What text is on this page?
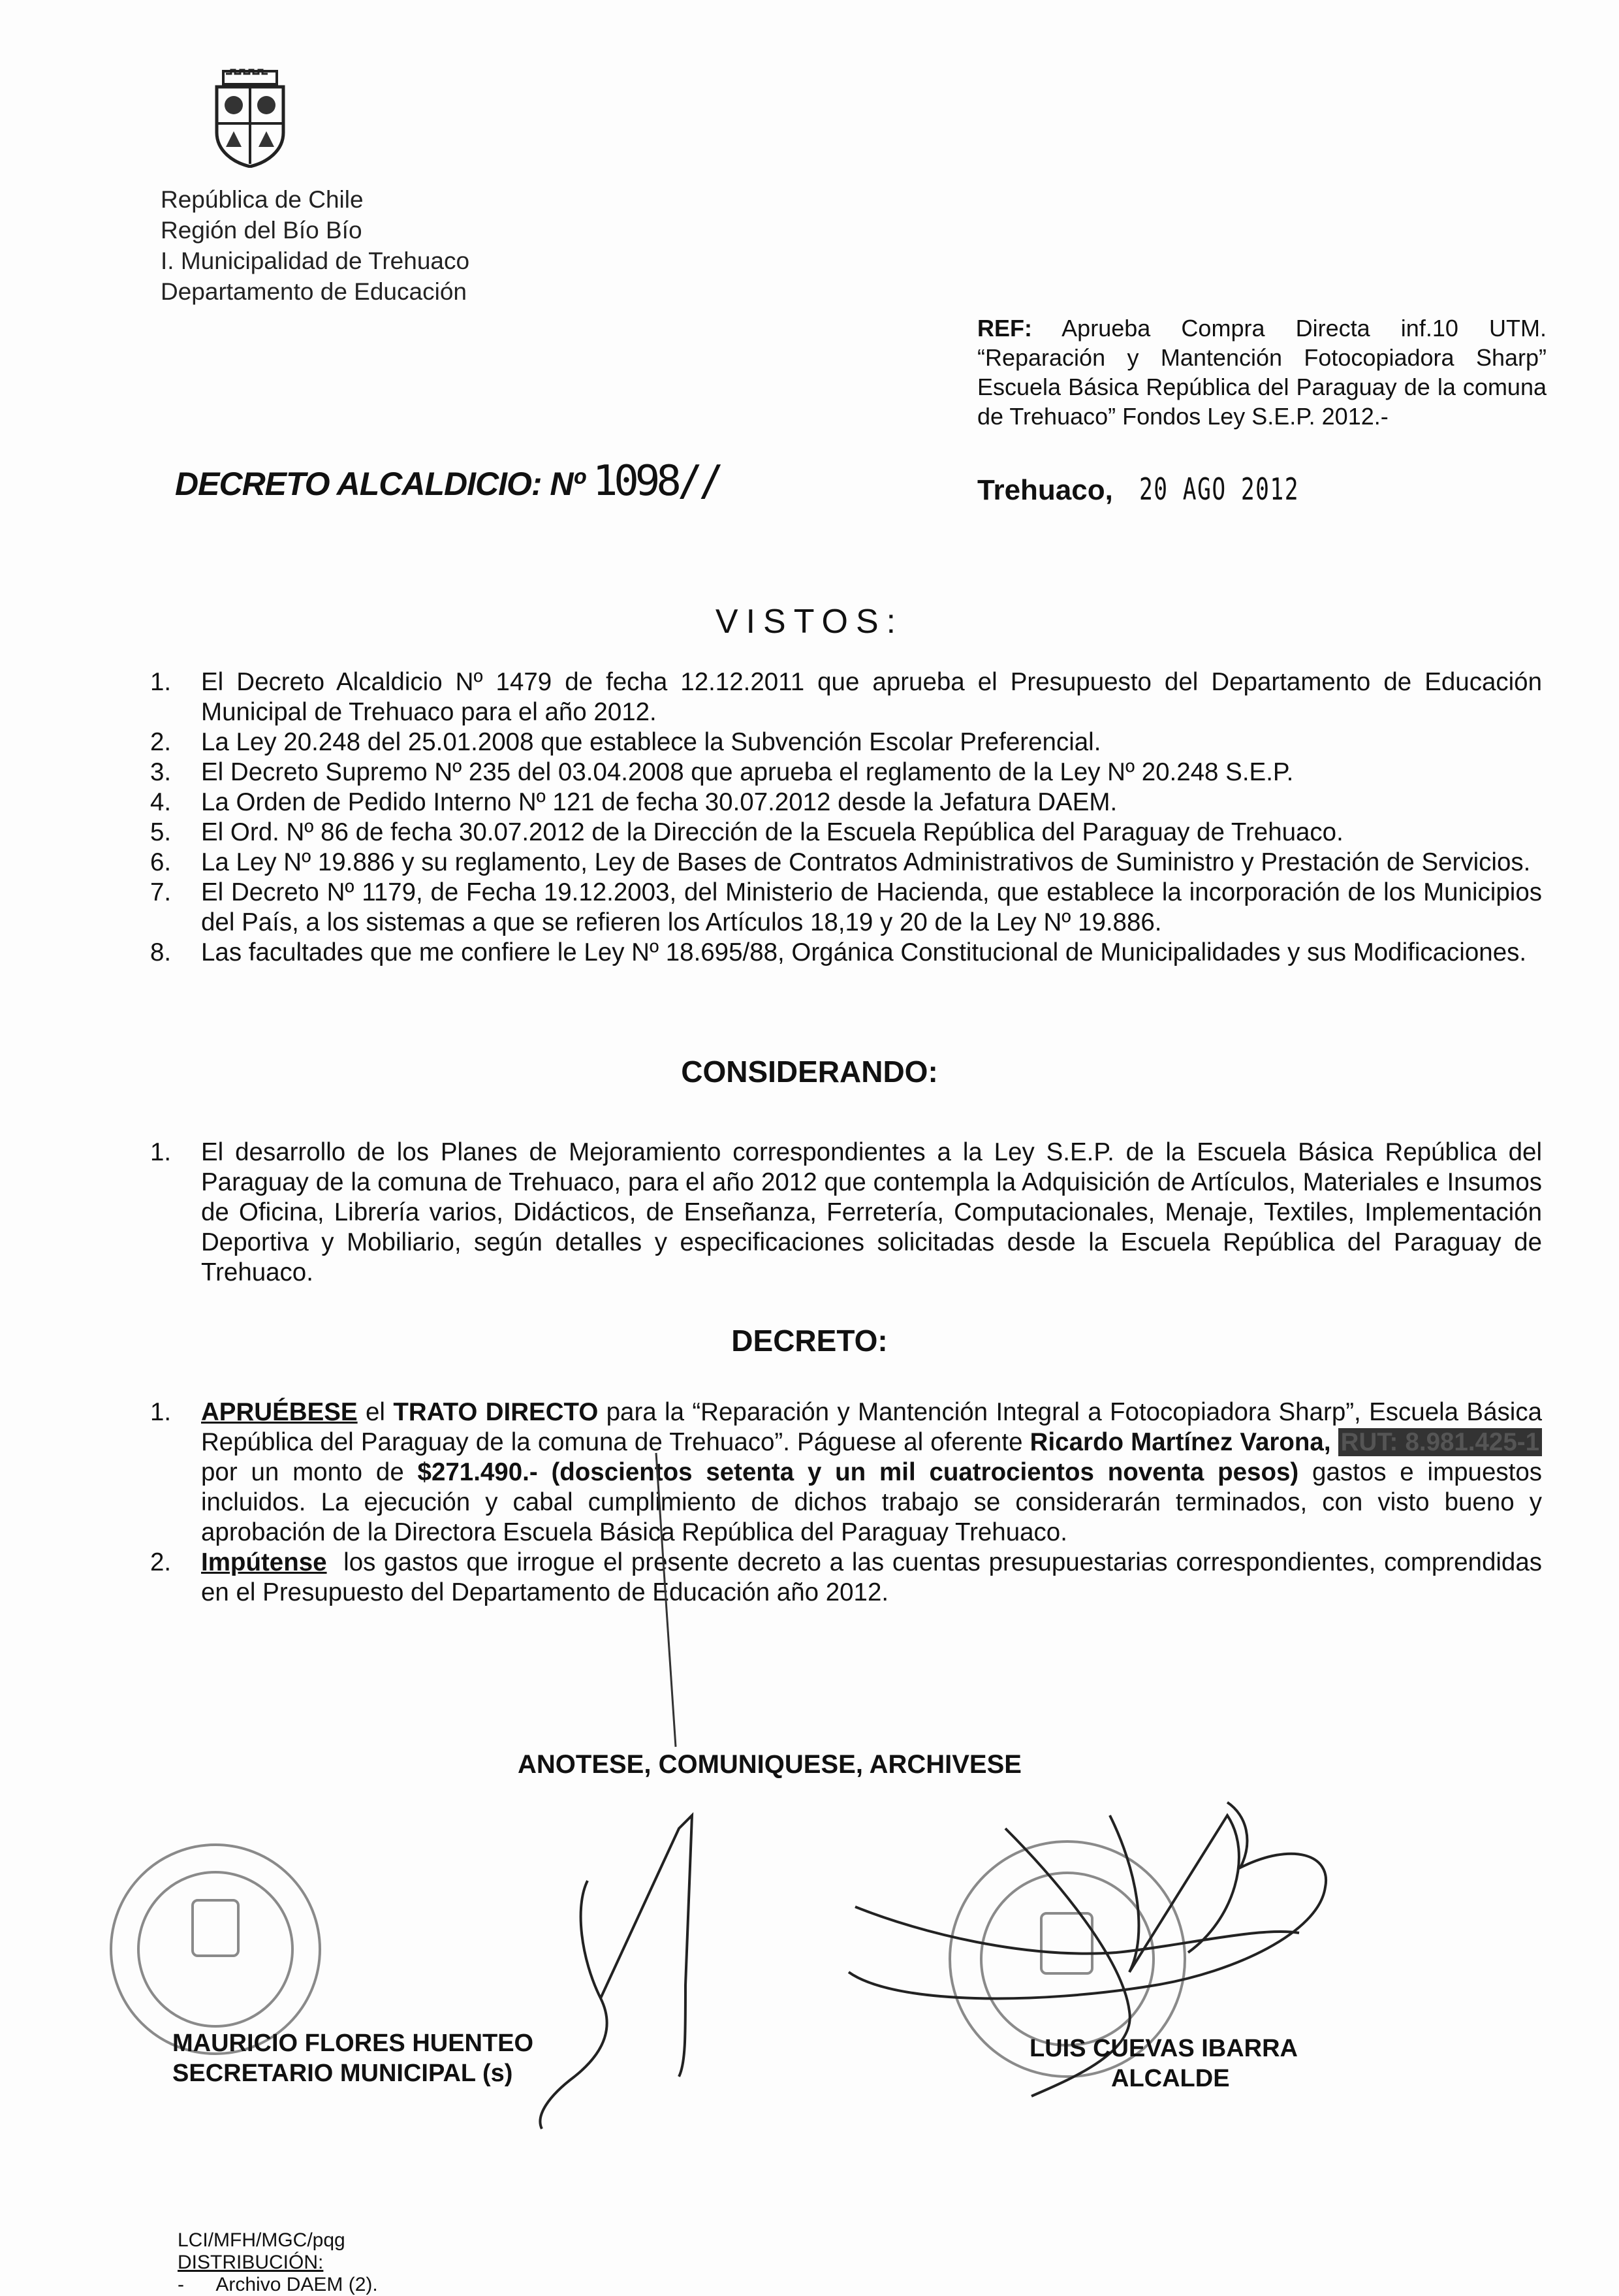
República de Chile
Región del Bío Bío
I. Municipalidad de Trehuaco
Departamento de Educación
REF: Aprueba Compra Directa inf.10 UTM. “Reparación y Mantención Fotocopiadora Sharp” Escuela Básica República del Paraguay de la comuna de Trehuaco” Fondos Ley S.E.P. 2012.-
DECRETO ALCALDICIO: Nº 1098//	Trehuaco, 20 AGO 2012
VISTOS:
1. El Decreto Alcaldicio Nº 1479 de fecha 12.12.2011 que aprueba el Presupuesto del Departamento de Educación Municipal de Trehuaco para el año 2012.
2. La Ley 20.248 del 25.01.2008 que establece la Subvención Escolar Preferencial.
3. El Decreto Supremo Nº 235 del 03.04.2008 que aprueba el reglamento de la Ley Nº 20.248 S.E.P.
4. La Orden de Pedido Interno Nº 121 de fecha 30.07.2012 desde la Jefatura DAEM.
5. El Ord. Nº 86 de fecha 30.07.2012 de la Dirección de la Escuela República del Paraguay de Trehuaco.
6. La Ley Nº 19.886 y su reglamento, Ley de Bases de Contratos Administrativos de Suministro y Prestación de Servicios.
7. El Decreto Nº 1179, de Fecha 19.12.2003, del Ministerio de Hacienda, que establece la incorporación de los Municipios del País, a los sistemas a que se refieren los Artículos 18,19 y 20 de la Ley Nº 19.886.
8. Las facultades que me confiere le Ley Nº 18.695/88, Orgánica Constitucional de Municipalidades y sus Modificaciones.
CONSIDERANDO:
1. El desarrollo de los Planes de Mejoramiento correspondientes a la Ley S.E.P. de la Escuela Básica República del Paraguay de la comuna de Trehuaco, para el año 2012 que contempla la Adquisición de Artículos, Materiales e Insumos de Oficina, Librería varios, Didácticos, de Enseñanza, Ferretería, Computacionales, Menaje, Textiles, Implementación Deportiva y Mobiliario, según detalles y especificaciones solicitadas desde la Escuela República del Paraguay de Trehuaco.
DECRETO:
1. APRUÉBESE el TRATO DIRECTO para la “Reparación y Mantención Integral a Fotocopiadora Sharp”, Escuela Básica República del Paraguay de la comuna de Trehuaco”. Páguese al oferente Ricardo Martínez Varona, RUT: 8.981.425-1 por un monto de $271.490.- (doscientos setenta y un mil cuatrocientos noventa pesos) gastos e impuestos incluidos. La ejecución y cabal cumplimiento de dichos trabajo se considerarán terminados, con visto bueno y aprobación de la Directora Escuela Básica República del Paraguay Trehuaco.
2. Impútense  los gastos que irrogue el presente decreto a las cuentas presupuestarias correspondientes, comprendidas en el Presupuesto del Departamento de Educación año 2012.
ANOTESE, COMUNIQUESE, ARCHIVESE
MAURICIO FLORES HUENTEO
SECRETARIO MUNICIPAL (s)
LUIS CUEVAS IBARRA
ALCALDE
LCI/MFH/MGC/pqg
DISTRIBUCIÓN:
-      Archivo DAEM (2).
